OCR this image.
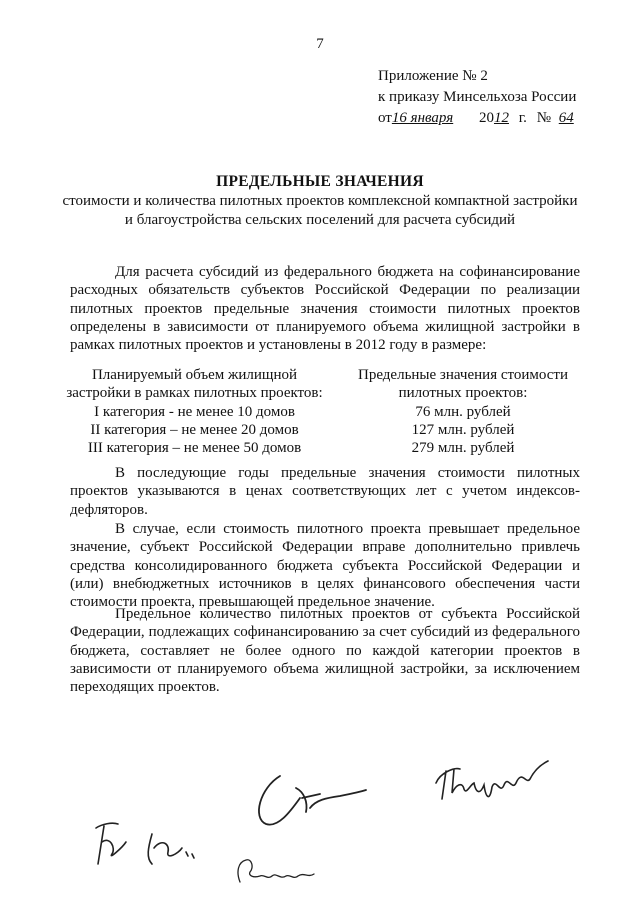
7
Приложение № 2
к приказу Минсельхоза России
от16 января 2012 г. № 64
ПРЕДЕЛЬНЫЕ ЗНАЧЕНИЯ
стоимости и количества пилотных проектов комплексной компактной застройки и благоустройства сельских поселений для расчета субсидий
Для расчета субсидий из федерального бюджета на софинансирование расходных обязательств субъектов Российской Федерации по реализации пилотных проектов предельные значения стоимости пилотных проектов определены в зависимости от планируемого объема жилищной застройки в рамках пилотных проектов и установлены в 2012 году в размере:
Планируемый объем жилищной
застройки в рамках пилотных проектов:
I категория - не менее 10 домов
II категория – не менее 20 домов
III категория – не менее 50 домов
Предельные значения стоимости
пилотных проектов:
76 млн. рублей
127 млн. рублей
279 млн. рублей
В последующие годы предельные значения стоимости пилотных проектов указываются в ценах соответствующих лет с учетом индексов-дефляторов.
В случае, если стоимость пилотного проекта превышает предельное значение, субъект Российской Федерации вправе дополнительно привлечь средства консолидированного бюджета субъекта Российской Федерации и (или) внебюджетных источников в целях финансового обеспечения части стоимости проекта, превышающей предельное значение.
Предельное количество пилотных проектов от субъекта Российской Федерации, подлежащих софинансированию за счет субсидий из федерального бюджета, составляет не более одного по каждой категории проектов в зависимости от планируемого объема жилищной застройки, за исключением переходящих проектов.
